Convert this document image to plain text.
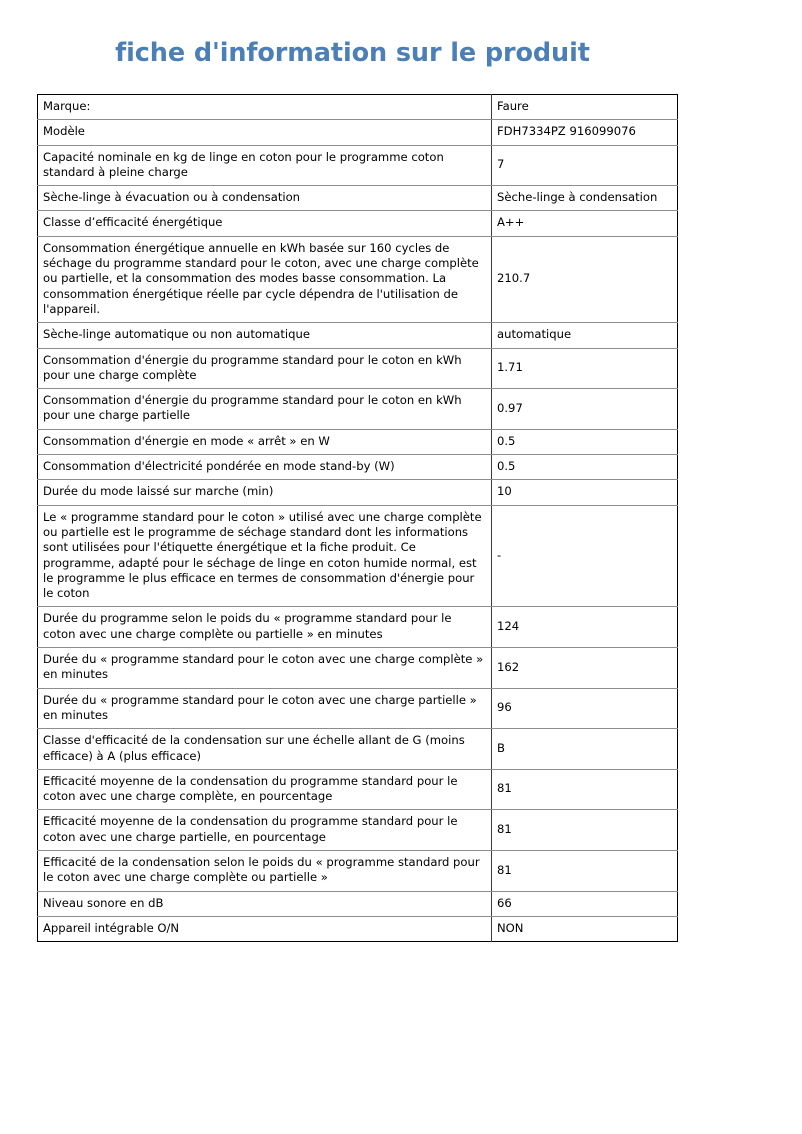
fiche d'information sur le produit
Marque:	Faure
Modèle	FDH7334PZ 916099076
Capacité nominale en kg de linge en coton pour le programme coton standard à pleine charge	7
Sèche-linge à évacuation ou à condensation	Sèche-linge à condensation
Classe d’efficacité énergétique	A++
Consommation énergétique annuelle en kWh basée sur 160 cycles de séchage du programme standard pour le coton, avec une charge complète ou partielle, et la consommation des modes basse consommation. La consommation énergétique réelle par cycle dépendra de l'utilisation de l'appareil.	210.7
Sèche-linge automatique ou non automatique	automatique
Consommation d'énergie du programme standard pour le coton en kWh pour une charge complète	1.71
Consommation d'énergie du programme standard pour le coton en kWh pour une charge partielle	0.97
Consommation d'énergie en mode « arrêt » en W	0.5
Consommation d'électricité pondérée en mode stand-by (W)	0.5
Durée du mode laissé sur marche (min)	10
Le « programme standard pour le coton » utilisé avec une charge complète ou partielle est le programme de séchage standard dont les informations sont utilisées pour l'étiquette énergétique et la fiche produit. Ce programme, adapté pour le séchage de linge en coton humide normal, est le programme le plus efficace en termes de consommation d'énergie pour le coton	-
Durée du programme selon le poids du « programme standard pour le coton avec une charge complète ou partielle » en minutes	124
Durée du « programme standard pour le coton avec une charge complète » en minutes	162
Durée du « programme standard pour le coton avec une charge partielle » en minutes	96
Classe d'efficacité de la condensation sur une échelle allant de G (moins efficace) à A (plus efficace)	B
Efficacité moyenne de la condensation du programme standard pour le coton avec une charge complète, en pourcentage	81
Efficacité moyenne de la condensation du programme standard pour le coton avec une charge partielle, en pourcentage	81
Efficacité de la condensation selon le poids du « programme standard pour le coton avec une charge complète ou partielle »	81
Niveau sonore en dB	66
Appareil intégrable O/N	NON
